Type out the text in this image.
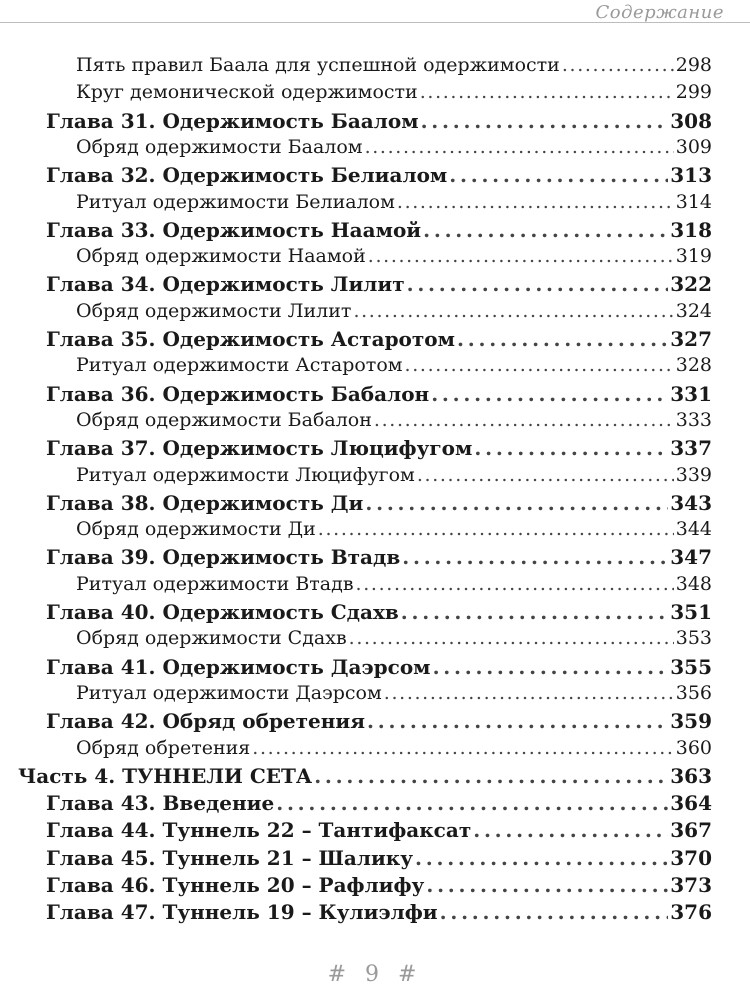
Содержание
Пять правил Баала для успешной одержимости . . .	298
Круг демонической одержимости . . .	299
Глава 31. Одержимость Баалом . . .	308
Обряд одержимости Баалом . . .	309
Глава 32. Одержимость Белиалом . . .	313
Ритуал одержимости Белиалом . . .	314
Глава 33. Одержимость Наамой . . .	318
Обряд одержимости Наамой . . .	319
Глава 34. Одержимость Лилит . . .	322
Обряд одержимости Лилит . . .	324
Глава 35. Одержимость Астаротом . . .	327
Ритуал одержимости Астаротом . . .	328
Глава 36. Одержимость Бабалон . . .	331
Обряд одержимости Бабалон . . .	333
Глава 37. Одержимость Люцифугом . . .	337
Ритуал одержимости Люцифугом . . .	339
Глава 38. Одержимость Ди . . .	343
Обряд одержимости Ди . . .	344
Глава 39. Одержимость Втадв . . .	347
Ритуал одержимости Втадв . . .	348
Глава 40. Одержимость Сдахв . . .	351
Обряд одержимости Сдахв . . .	353
Глава 41. Одержимость Даэрсом . . .	355
Ритуал одержимости Даэрсом . . .	356
Глава 42. Обряд обретения . . .	359
Обряд обретения . . .	360
Часть 4. ТУННЕЛИ СЕТА . . .	363
Глава 43. Введение . . .	364
Глава 44. Туннель 22 – Тантифаксат . . .	367
Глава 45. Туннель 21 – Шалику . . .	370
Глава 46. Туннель 20 – Рафлифу . . .	373
Глава 47. Туннель 19 – Кулиэлфи . . .	376
# 9 #
